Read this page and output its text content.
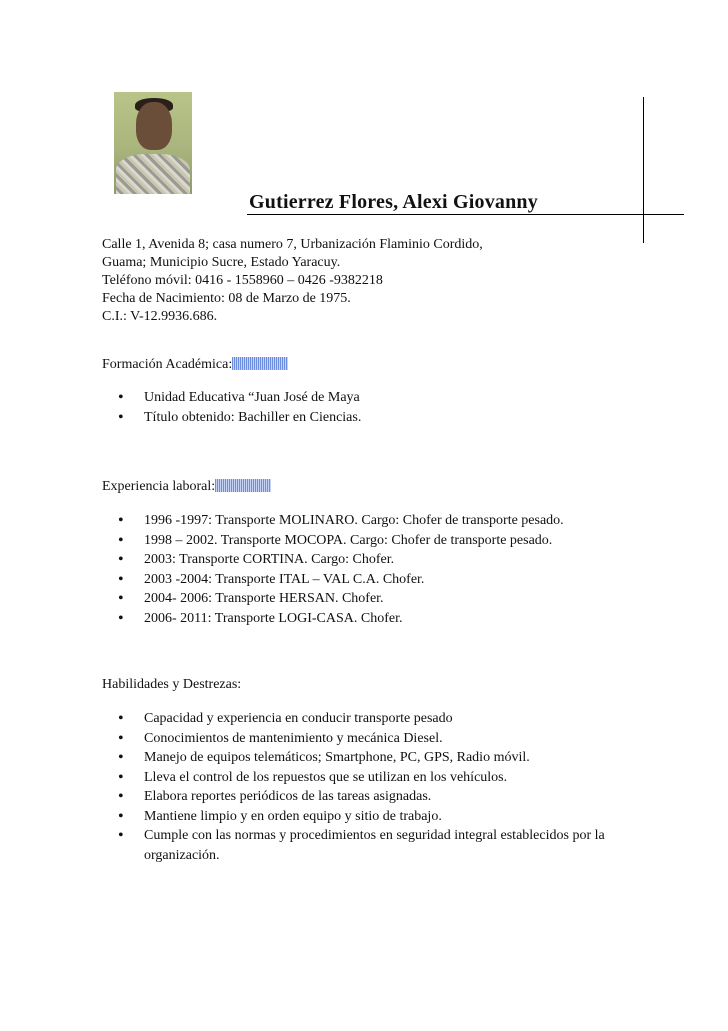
Gutierrez Flores, Alexi Giovanny
Calle 1, Avenida 8; casa numero 7, Urbanización Flaminio Cordido,
Guama; Municipio Sucre, Estado Yaracuy.
Teléfono móvil: 0416 - 1558960 – 0426 -9382218
Fecha de Nacimiento: 08 de Marzo de 1975.
C.I.: V-12.9936.686.
Formación Académica:
• Unidad Educativa “Juan José de Maya
• Título obtenido: Bachiller en Ciencias.
Experiencia laboral:
• 1996 -1997: Transporte MOLINARO. Cargo: Chofer de transporte pesado.
• 1998 – 2002. Transporte MOCOPA. Cargo: Chofer de transporte pesado.
• 2003: Transporte CORTINA. Cargo: Chofer.
• 2003 -2004: Transporte ITAL – VAL C.A. Chofer.
• 2004- 2006: Transporte HERSAN. Chofer.
• 2006- 2011: Transporte LOGI-CASA. Chofer.
Habilidades y Destrezas:
• Capacidad y experiencia en conducir transporte pesado
• Conocimientos de mantenimiento y mecánica Diesel.
• Manejo de equipos telemáticos; Smartphone, PC, GPS, Radio móvil.
• Lleva el control de los repuestos que se utilizan en los vehículos.
• Elabora reportes periódicos de las tareas asignadas.
• Mantiene limpio y en orden equipo y sitio de trabajo.
• Cumple con las normas y procedimientos en seguridad integral establecidos por la organización.
